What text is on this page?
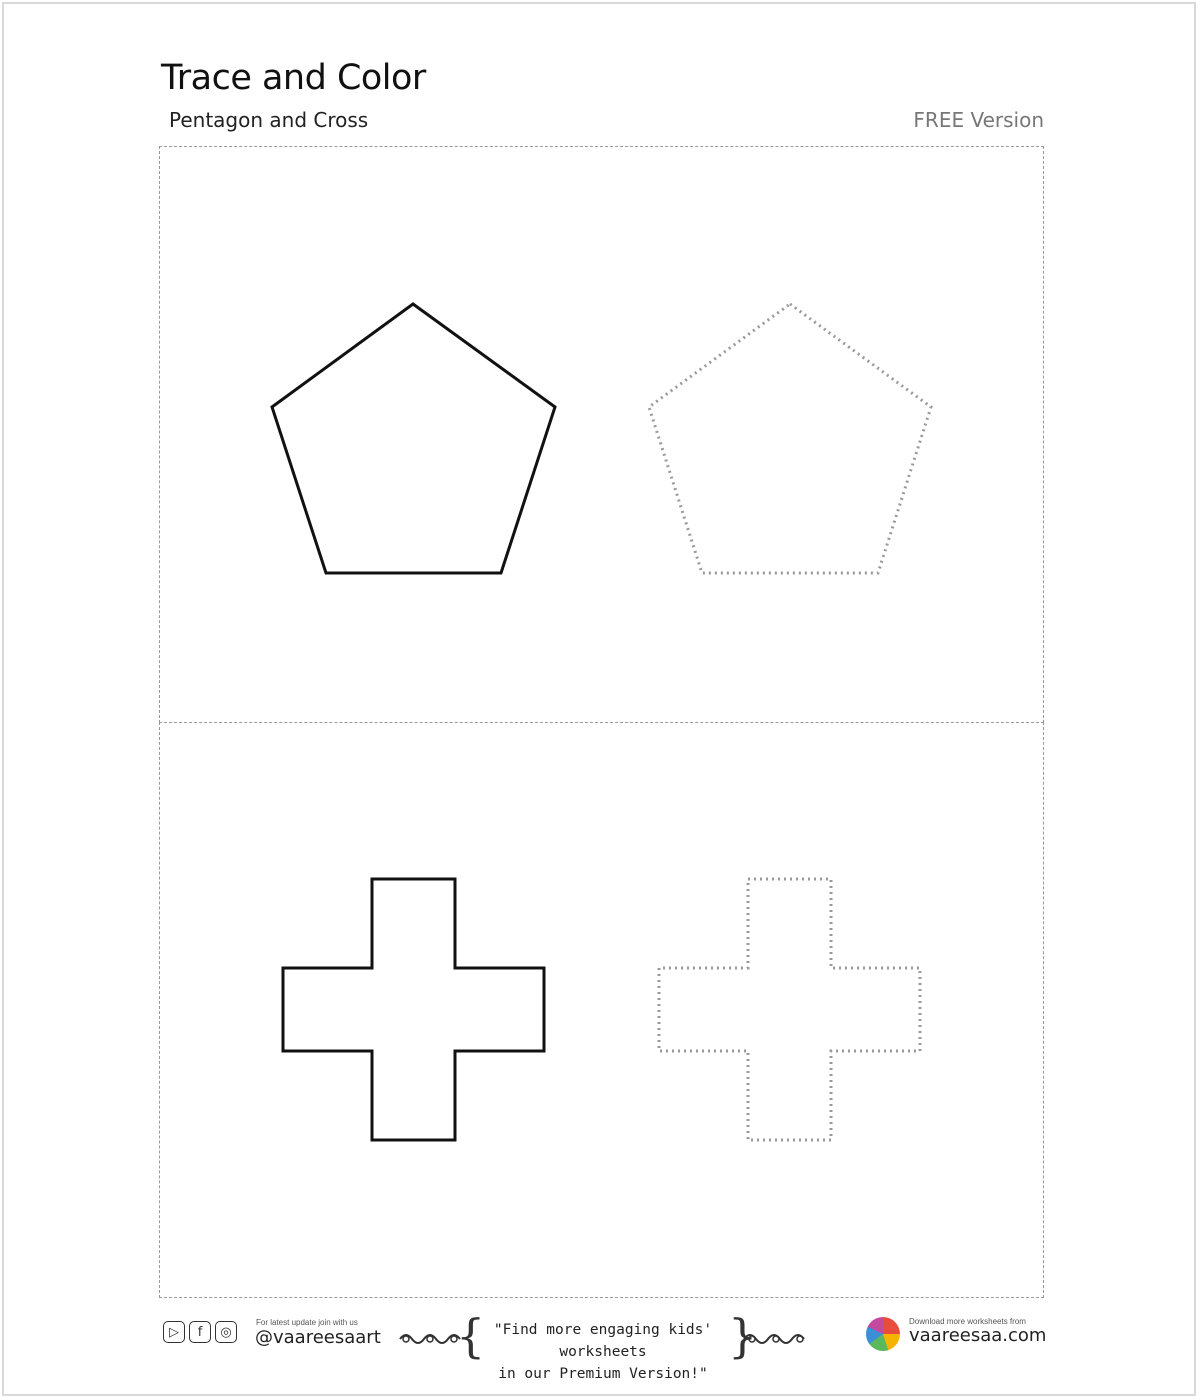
Trace and Color
Pentagon and Cross	FREE Version
▷	f	◎
For latest update join with us
@vaareesaart { "Find more engaging kids' worksheets
in our Premium Version!"
}	Download more worksheets from
vaareesaa.com
